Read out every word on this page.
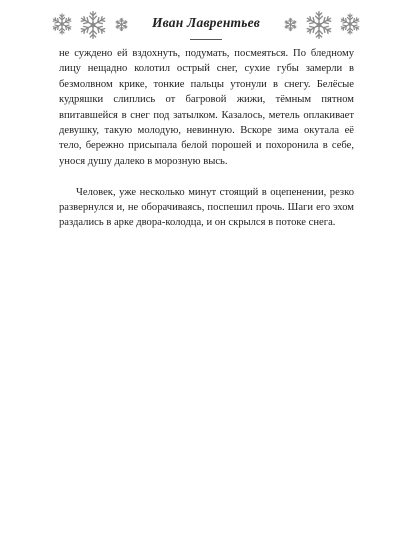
Иван Лаврентьев

не суждено ей вздохнуть, подумать, посмеяться. По бледному лицу нещадно колотил острый снег, сухие губы замерли в безмолвном крике, тонкие пальцы утонули в снегу. Белёсые кудряшки слиплись от багровой жижи, тёмным пятном впитавшейся в снег под затылком. Казалось, метель оплакивает девушку, такую молодую, невинную. Вскоре зима окутала её тело, бережно присыпала белой порошей и похоронила в себе, унося душу далеко в морозную высь.

Человек, уже несколько минут стоящий в оцепенении, резко развернулся и, не оборачиваясь, поспешил прочь. Шаги его эхом раздались в арке двора-колодца, и он скрылся в потоке снега.
